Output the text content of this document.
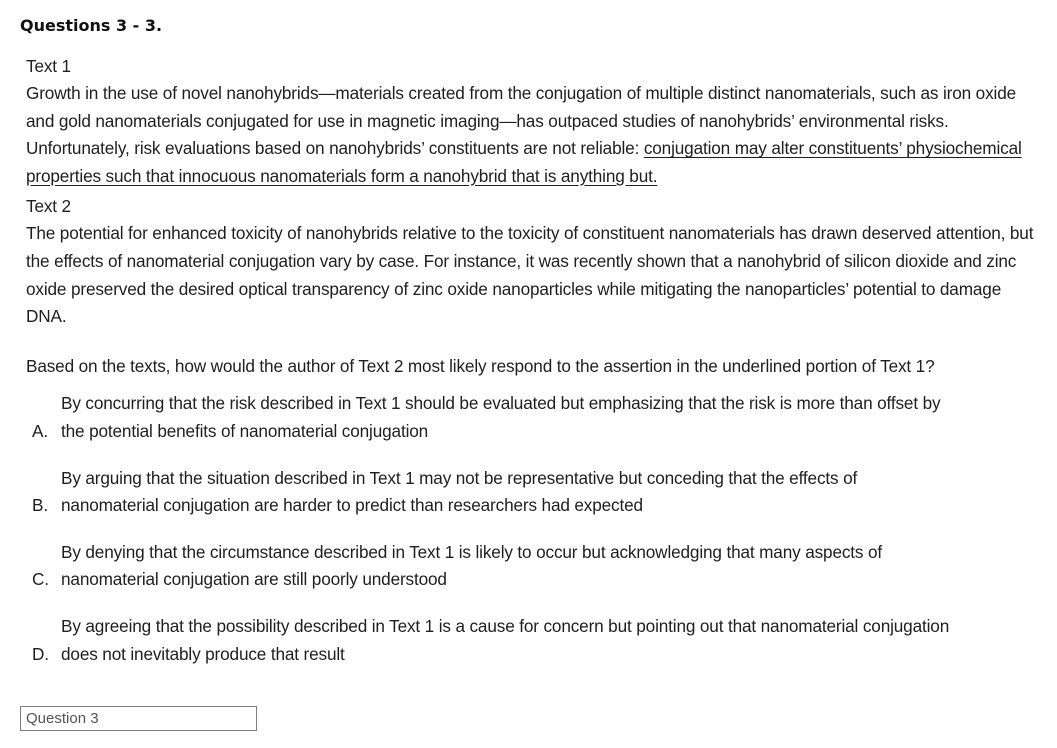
Questions 3 - 3.

Text 1

Growth in the use of novel nanohybrids—materials created from the conjugation of multiple distinct nanomaterials, such as iron oxide and gold nanomaterials conjugated for use in magnetic imaging—has outpaced studies of nanohybrids’ environmental risks. Unfortunately, risk evaluations based on nanohybrids’ constituents are not reliable: conjugation may alter constituents’ physiochemical properties such that innocuous nanomaterials form a nanohybrid that is anything but.

Text 2

The potential for enhanced toxicity of nanohybrids relative to the toxicity of constituent nanomaterials has drawn deserved attention, but the effects of nanomaterial conjugation vary by case. For instance, it was recently shown that a nanohybrid of silicon dioxide and zinc oxide preserved the desired optical transparency of zinc oxide nanoparticles while mitigating the nanoparticles’ potential to damage DNA.

Based on the texts, how would the author of Text 2 most likely respond to the assertion in the underlined portion of Text 1?

A.
By concurring that the risk described in Text 1 should be evaluated but emphasizing that the risk is more than offset by
the potential benefits of nanomaterial conjugation
B.
By arguing that the situation described in Text 1 may not be representative but conceding that the effects of
nanomaterial conjugation are harder to predict than researchers had expected
C.
By denying that the circumstance described in Text 1 is likely to occur but acknowledging that many aspects of
nanomaterial conjugation are still poorly understood
D.
By agreeing that the possibility described in Text 1 is a cause for concern but pointing out that nanomaterial conjugation
does not inevitably produce that result
Question 3
